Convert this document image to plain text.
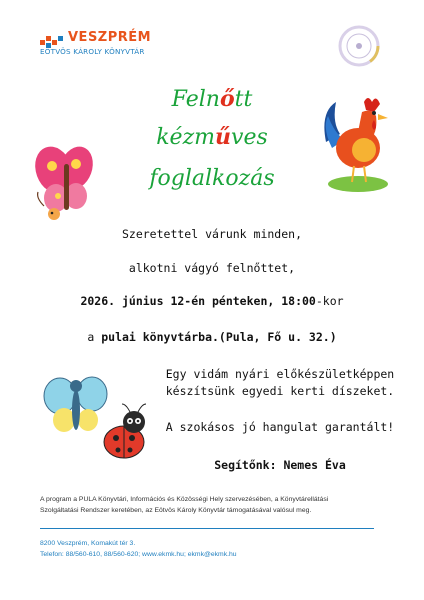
VESZPRÉM
EÖTVÖS KÁROLY KÖNYVTÁR
Felnőtt
kézműves
foglalkozás
Szeretettel várunk minden,
alkotni vágyó felnőttet,
2026. június 12-én pénteken, 18:00-kor
a pulai könyvtárba.(Pula, Fő u. 32.)
Egy vidám nyári előkészületképpen
készítsünk egyedi kerti díszeket.
A szokásos jó hangulat garantált!
Segítőnk: Nemes Éva
A program a PULA Könyvtári, Információs és Közösségi Hely szervezésében, a Könyvtárellátási
Szolgáltatási Rendszer keretében, az Eötvös Károly Könyvtár támogatásával valósul meg.
8200 Veszprém, Komakút tér 3.
Telefon: 88/560-610, 88/560-620; www.ekmk.hu; ekmk@ekmk.hu
